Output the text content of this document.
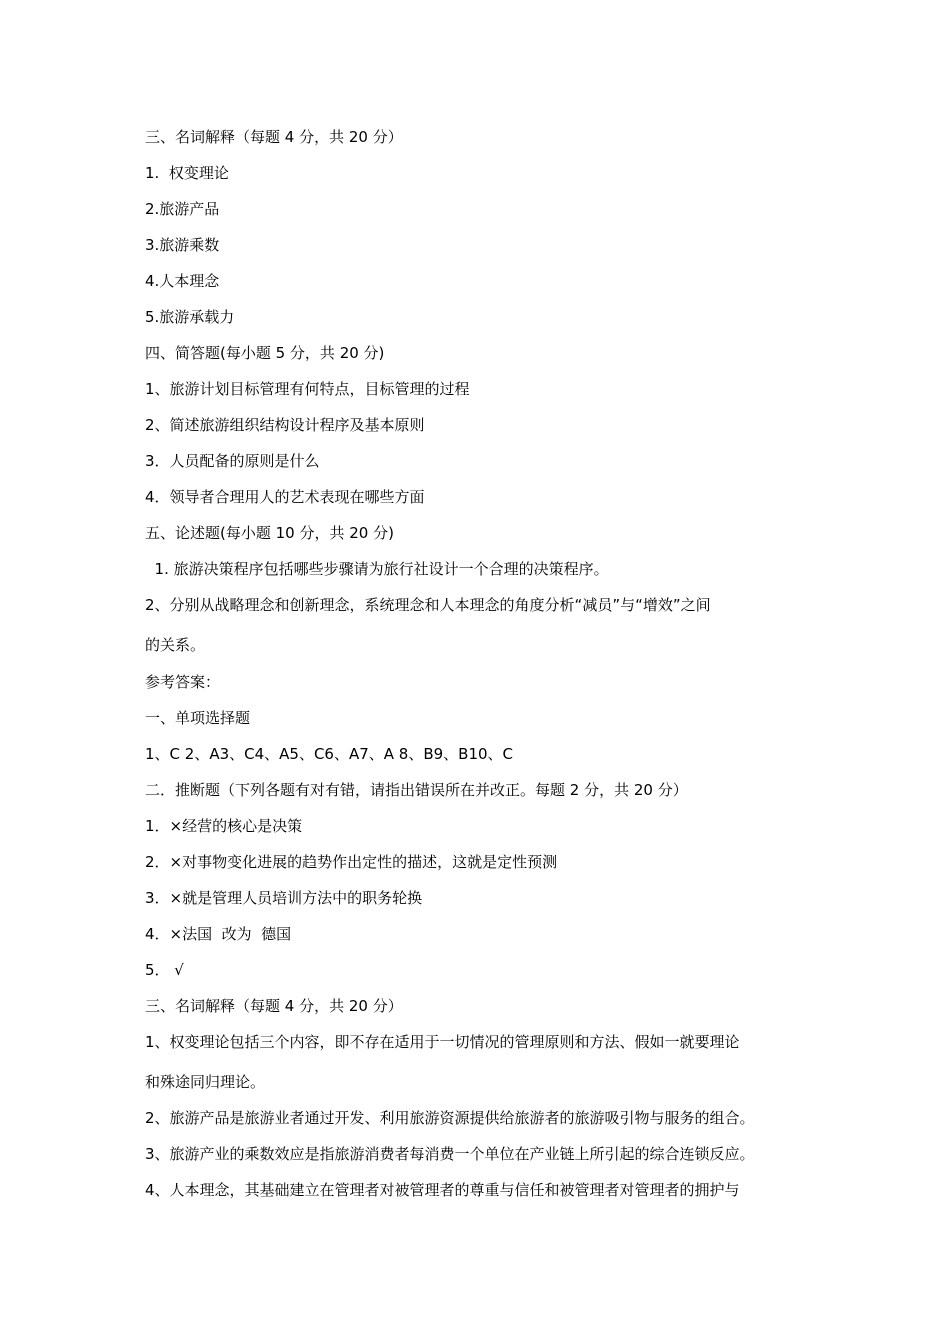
三、名词解释（每题 4 分，共 20 分）
1.  权变理论
2.旅游产品
3.旅游乘数
4.人本理念
5.旅游承载力
四、简答题(每小题 5 分，共 20 分)
1、旅游计划目标管理有何特点，目标管理的过程
2、简述旅游组织结构设计程序及基本原则
3．人员配备的原则是什么
4．领导者合理用人的艺术表现在哪些方面
五、论述题(每小题 10 分，共 20 分)
1. 旅游决策程序包括哪些步骤请为旅行社设计一个合理的决策程序。
2、分别从战略理念和创新理念，系统理念和人本理念的角度分析“减员”与“增效”之间
的关系。
参考答案：
一、单项选择题
1、C 2、A3、C4、A5、C6、A7、A 8、B9、B10、C
二．推断题（下列各题有对有错，请指出错误所在并改正。每题 2 分，共 20 分）
1．×经营的核心是决策
2．×对事物变化进展的趋势作出定性的描述，这就是定性预测
3．×就是管理人员培训方法中的职务轮换
4．×法国  改为  德国
5． √
三、名词解释（每题 4 分，共 20 分）
1、权变理论包括三个内容，即不存在适用于一切情况的管理原则和方法、假如一就要理论
和殊途同归理论。
2、旅游产品是旅游业者通过开发、利用旅游资源提供给旅游者的旅游吸引物与服务的组合。
3、旅游产业的乘数效应是指旅游消费者每消费一个单位在产业链上所引起的综合连锁反应。
4、人本理念，其基础建立在管理者对被管理者的尊重与信任和被管理者对管理者的拥护与
